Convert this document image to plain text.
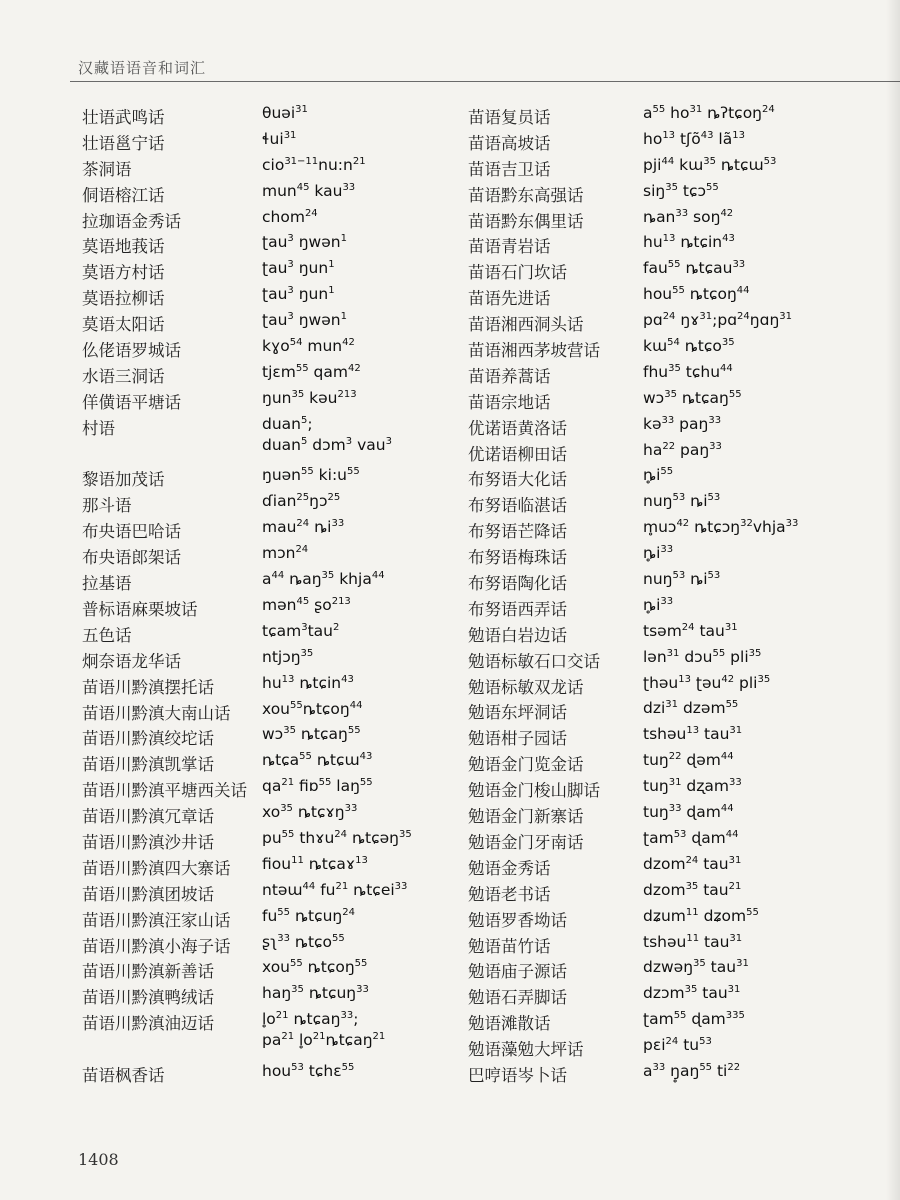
汉藏语语音和词汇
壮语武鸣话	θuəi$^{31}$
壮语邕宁话	ɬui$^{31}$
茶洞语	$cio^{31-11}nu:n^{21}$
侗语榕江话	mun$^{45}$ kau$^{33}$
拉珈语金秀话	chom$^{24}$
莫语地莪话	ʈau$^3$ ŋwən$^1$
莫语方村话	ʈau$^3$ ŋun$^1$
莫语拉柳话	ʈau$^3$ ŋun$^1$
莫语太阳话	ʈau$^3$ ŋwən$^1$
仫佬语罗城话	kɣo$^{54}$ mun$^{42}$
水语三洞话	tjɛm$^{55}$ qam$^{42}$
佯僙语平塘话	ŋun$^{35}$ kəu$^{213}$
村语	duan$^5$;
duan$^5$ dɔm$^3$ vau$^3$
黎语加茂话	ŋuən$^{55}$ $ki:u^{55}$
那斗语	ɗian$^{25}$ŋɔ$^{25}$
布央语巴哈话	mau$^{24}$ $ȵi^{33}$
布央语郎架话	mɔn$^{24}$
拉基语	$a^{44}$ ȵaŋ$^{35}$ khja$^{44}$
普标语麻栗坡话	mən$^{45}$ ʂo$^{213}$
五色话	tɕam$^3$tau$^2$
炯奈语龙华话	ntjɔŋ$^{35}$
苗语川黔滇摆托话	$hu^{13}$ ȵtɕin$^{43}$
苗语川黔滇大南山话 xou$^{55}$ȵtɕoŋ$^{44}$
苗语川黔滇绞坨话	wɔ$^{35}$ ȵtɕaŋ$^{55}$
苗语川黔滇凯掌话	ȵtɕa$^{55}$ ȵtɕɯ$^{43}$
苗语川黔滇平塘西关话 $qa^{21}$ fiɒ$^{55}$ laŋ$^{55}$
苗语川黔滇冗章话	$xo^{35}$ ȵtɕɤŋ$^{33}$
苗语川黔滇沙井话	$pu^{55}$ thɤu$^{24}$ ȵtɕəŋ$^{35}$
苗语川黔滇四大寨话 fiou$^{11}$ ȵtɕaɤ$^{13}$
苗语川黔滇团坡话	ntəɯ$^{44}$ $fu^{21}$ ȵtɕei$^{33}$
苗语川黔滇汪家山话 $fu^{55}$ ȵtɕuŋ$^{24}$
苗语川黔滇小海子话 ʂʅ$^{33}$ ȵtɕo$^{55}$
苗语川黔滇新善话	xou$^{55}$ ȵtɕoŋ$^{55}$
苗语川黔滇鸭绒话	haŋ$^{35}$ ȵtɕuŋ$^{33}$
苗语川黔滇油迈话	$l̥o^{21}$ ȵtɕaŋ$^{33}$;
$pa^{21}$ $l̥o^{21}ȵtɕaŋ^{21}$
苗语枫香话	hou$^{53}$ tɕhɛ$^{55}$
苗语复员话	$a^{55}$ $ho^{31}$ ȵʔtɕoŋ$^{24}$
苗语高坡话	$ho^{13}$ tʃõ$^{43}$ $lã^{13}$
苗语吉卫话	pji$^{44}$ kɯ$^{35}$ ȵtɕɯ$^{53}$
苗语黔东高强话	siŋ$^{35}$ tɕɔ$^{55}$
苗语黔东偶里话	ȵan$^{33}$ soŋ$^{42}$
苗语青岩话	$hu^{13}$ ȵtɕin$^{43}$
苗语石门坎话	fau$^{55}$ ȵtɕau$^{33}$
苗语先进话	hou$^{55}$ ȵtɕoŋ$^{44}$
苗语湘西洞头话	pɑ$^{24}$ ŋɤ$^{31}$;pɑ$^{24}$ŋɑŋ$^{31}$
苗语湘西茅坡营话	kɯ$^{54}$ ȵtɕo$^{35}$
苗语养蒿话	fhu$^{35}$ tɕhu$^{44}$
苗语宗地话	wɔ$^{35}$ ȵtɕaŋ$^{55}$
优诺语黄洛话	kə$^{33}$ paŋ$^{33}$
优诺语柳田话	$ha^{22}$ paŋ$^{33}$
布努语大化话	$ȵ̥i^{55}$
布努语临湛话	nuŋ$^{53}$ $ȵi^{53}$
布努语芒降话	m̥uɔ$^{42}$ ȵtɕɔŋ$^{32}$vhja$^{33}$
布努语梅珠话	$ȵ̥i^{33}$
布努语陶化话	nuŋ$^{53}$ $ȵi^{53}$
布努语西弄话	$ȵ̥i^{33}$
勉语白岩边话	tsəm$^{24}$ tau$^{31}$
勉语标敏石口交话	lən$^{31}$ dɔu$^{55}$ pli$^{35}$
勉语标敏双龙话	ʈhəu$^{13}$ ʈəu$^{42}$ pli$^{35}$
勉语东坪洞话	dzi$^{31}$ dzəm$^{55}$
勉语柑子园话	tshəu$^{13}$ tau$^{31}$
勉语金门览金话	tuŋ$^{22}$ ɖəm$^{44}$
勉语金门梭山脚话	tuŋ$^{31}$ dʐam$^{33}$
勉语金门新寨话	tuŋ$^{33}$ ɖam$^{44}$
勉语金门牙南话	ʈam$^{53}$ ɖam$^{44}$
勉语金秀话	dzom$^{24}$ tau$^{31}$
勉语老书话	dzom$^{35}$ tau$^{21}$
勉语罗香坳话	dʑum$^{11}$ dʑom$^{55}$
勉语苗竹话	tshəu$^{11}$ tau$^{31}$
勉语庙子源话	dzwəŋ$^{35}$ tau$^{31}$
勉语石弄脚话	dzɔm$^{35}$ tau$^{31}$
勉语滩散话	ʈam$^{55}$ ɖam$^{335}$
勉语藻勉大坪话	pɛi$^{24}$ $tu^{53}$
巴哼语岑卜话	$a^{33}$ $ŋ̥aŋ^{55}$ $ti^{22}$
1408
